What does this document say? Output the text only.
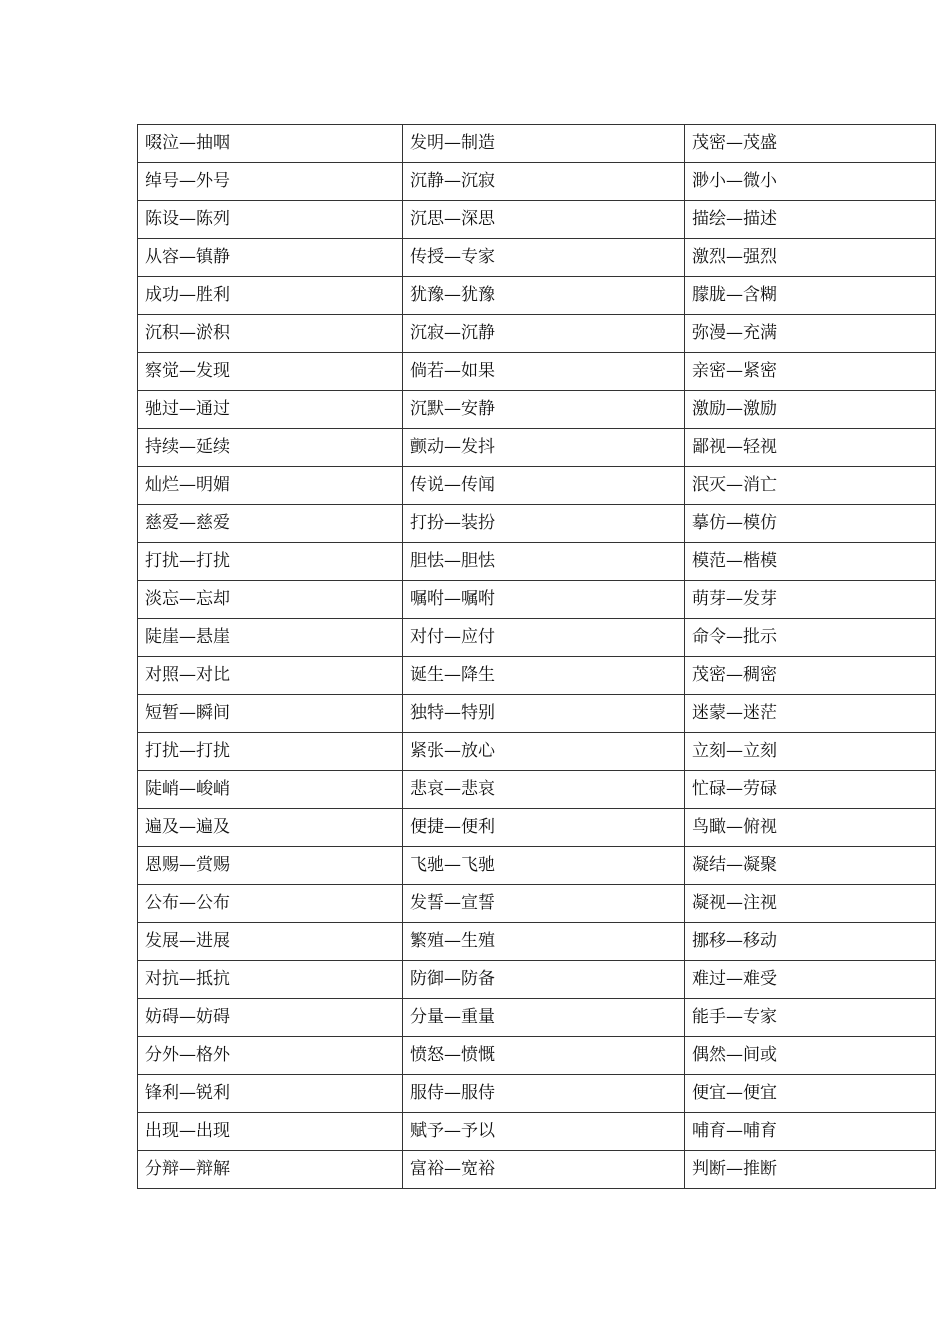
啜泣—抽咽	发明—制造	茂密—茂盛
绰号—外号	沉静—沉寂	渺小—微小
陈设—陈列	沉思—深思	描绘—描述
从容—镇静	传授—专家	激烈—强烈
成功—胜利	犹豫—犹豫	朦胧—含糊
沉积—淤积	沉寂—沉静	弥漫—充满
察觉—发现	倘若—如果	亲密—紧密
驰过—通过	沉默—安静	激励—激励
持续—延续	颤动—发抖	鄙视—轻视
灿烂—明媚	传说—传闻	泯灭—消亡
慈爱—慈爱	打扮—装扮	摹仿—模仿
打扰—打扰	胆怯—胆怯	模范—楷模
淡忘—忘却	嘱咐—嘱咐	萌芽—发芽
陡崖—悬崖	对付—应付	命令—批示
对照—对比	诞生—降生	茂密—稠密
短暂—瞬间	独特—特别	迷蒙—迷茫
打扰—打扰	紧张—放心	立刻—立刻
陡峭—峻峭	悲哀—悲哀	忙碌—劳碌
遍及—遍及	便捷—便利	鸟瞰—俯视
恩赐—赏赐	飞驰—飞驰	凝结—凝聚
公布—公布	发誓—宣誓	凝视—注视
发展—进展	繁殖—生殖	挪移—移动
对抗—抵抗	防御—防备	难过—难受
妨碍—妨碍	分量—重量	能手—专家
分外—格外	愤怒—愤慨	偶然—间或
锋利—锐利	服侍—服侍	便宜—便宜
出现—出现	赋予—予以	哺育—哺育
分辩—辩解	富裕—宽裕	判断—推断
